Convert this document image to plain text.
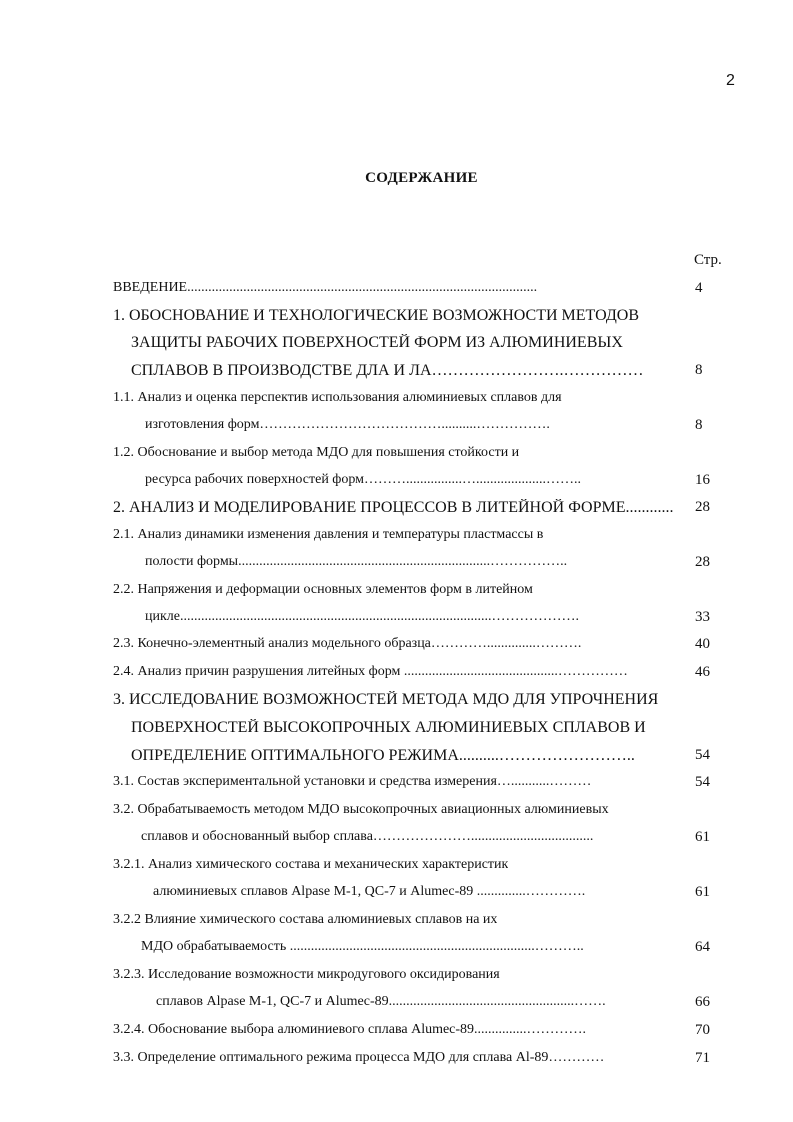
2
СОДЕРЖАНИЕ
Стр.
ВВЕДЕНИЕ....................................................................................................	4
1. ОБОСНОВАНИЕ И ТЕХНОЛОГИЧЕСКИЕ ВОЗМОЖНОСТИ МЕТОДОВ
ЗАЩИТЫ РАБОЧИХ ПОВЕРХНОСТЕЙ ФОРМ ИЗ АЛЮМИНИЕВЫХ
СПЛАВОВ В ПРОИЗВОДСТВЕ ДЛА И ЛА…………………….……………	8
1.1. Анализ и оценка перспектив использования алюминиевых сплавов для
изготовления форм…………………………………..........…………….	8
1.2. Обоснование и выбор метода МДО для повышения стойкости и
ресурса рабочих поверхностей форм………................…....................……..	16
2. АНАЛИЗ И МОДЕЛИРОВАНИЕ ПРОЦЕССОВ В ЛИТЕЙНОЙ ФОРМЕ............	28
2.1. Анализ динамики изменения давления и температуры пластмассы в
полости формы........................................................................……………..	28
2.2. Напряжения и деформации основных элементов форм в литейном
цикле.........................................................................................……………….	33
2.3. Конечно-элементный анализ модельного образца…………..............……….	40
2.4. Анализ причин разрушения литейных форм ............................................……………	46
3. ИССЛЕДОВАНИЕ ВОЗМОЖНОСТЕЙ МЕТОДА МДО ДЛЯ УПРОЧНЕНИЯ
ПОВЕРХНОСТЕЙ ВЫСОКОПРОЧНЫХ АЛЮМИНИЕВЫХ СПЛАВОВ И
ОПРЕДЕЛЕНИЕ ОПТИМАЛЬНОГО РЕЖИМА..........……………………..	54
3.1. Состав экспериментальной установки и средства измерения…...........………	54
3.2. Обрабатываемость методом МДО высокопрочных авиационных алюминиевых
сплавов и обоснованный выбор сплава…………………...................................	61
3.2.1. Анализ химического состава и механических характеристик
алюминиевых сплавов Alpase M-1, QC-7 и Alumec-89 ..............………….	61
3.2.2 Влияние химического состава алюминиевых сплавов на их
МДО обрабатываемость ......................................................................………..	64
3.2.3. Исследование возможности микродугового оксидирования
сплавов Alpase M-1, QC-7 и Alumec-89.....................................................…….	66
3.2.4. Обоснование выбора алюминиевого сплава Alumec-89...............………….	70
3.3. Определение оптимального режима процесса МДО для сплава Al-89…………	71
